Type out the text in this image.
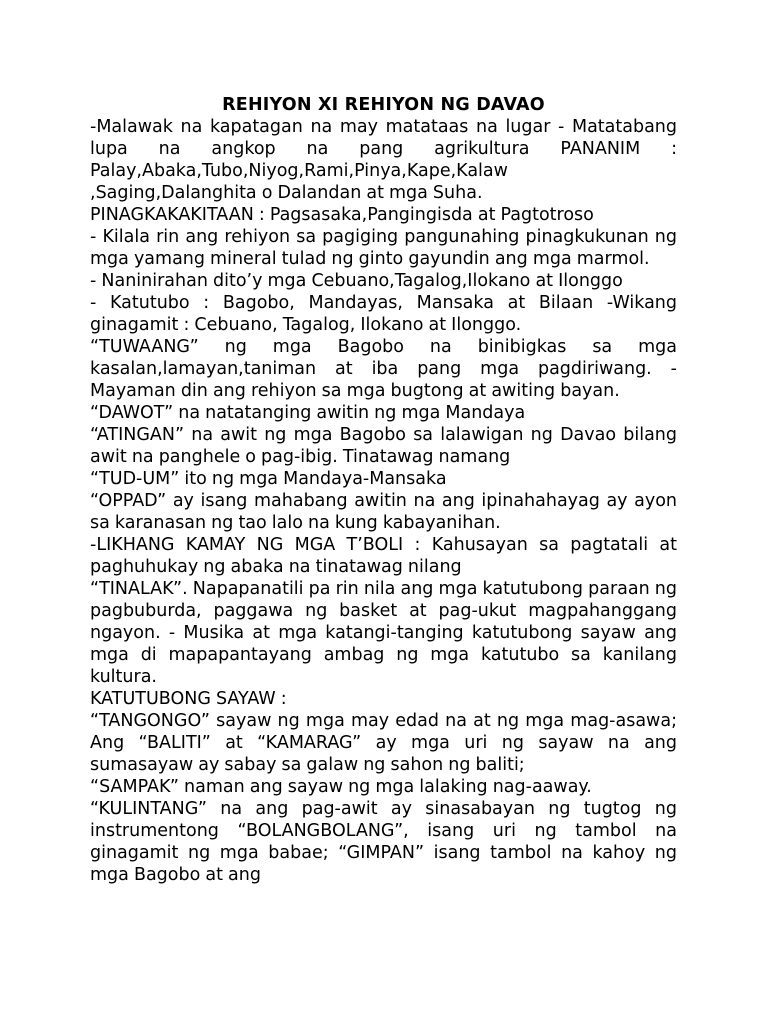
REHIYON XI REHIYON NG DAVAO

-Malawak na kapatagan na may matataas na lugar - Matatabang lupa na angkop na pang agrikultura PANANIM : Palay,Abaka,Tubo,Niyog,Rami,Pinya,Kape,Kalaw ,Saging,Dalanghita o Dalandan at mga Suha.

PINAGKAKAKITAAN : Pagsasaka,Pangingisda at Pagtotroso

- Kilala rin ang rehiyon sa pagiging pangunahing pinagkukunan ng mga yamang mineral tulad ng ginto gayundin ang mga marmol.

- Naninirahan dito’y mga Cebuano,Tagalog,Ilokano at Ilonggo

- Katutubo : Bagobo, Mandayas, Mansaka at Bilaan -Wikang ginagamit : Cebuano, Tagalog, Ilokano at Ilonggo.

“TUWAANG” ng mga Bagobo na binibigkas sa mga kasalan,lamayan,taniman at iba pang mga pagdiriwang. - Mayaman din ang rehiyon sa mga bugtong at awiting bayan.

“DAWOT” na natatanging awitin ng mga Mandaya

“ATINGAN” na awit ng mga Bagobo sa lalawigan ng Davao bilang awit na panghele o pag-ibig. Tinatawag namang

“TUD-UM” ito ng mga Mandaya-Mansaka

“OPPAD” ay isang mahabang awitin na ang ipinahahayag ay ayon sa karanasan ng tao lalo na kung kabayanihan.

-LIKHANG KAMAY NG MGA T’BOLI : Kahusayan sa pagtatali at paghuhukay ng abaka na tinatawag nilang

“TINALAK”. Napapanatili pa rin nila ang mga katutubong paraan ng pagbuburda, paggawa ng basket at pag-ukut magpahanggang ngayon. - Musika at mga katangi-tanging katutubong sayaw ang mga di mapapantayang ambag ng mga katutubo sa kanilang kultura.

KATUTUBONG SAYAW :

“TANGONGO” sayaw ng mga may edad na at ng mga mag-asawa; Ang “BALITI” at “KAMARAG” ay mga uri ng sayaw na ang sumasayaw ay sabay sa galaw ng sahon ng baliti;

“SAMPAK” naman ang sayaw ng mga lalaking nag-aaway.

“KULINTANG” na ang pag-awit ay sinasabayan ng tugtog ng instrumentong “BOLANGBOLANG”, isang uri ng tambol na ginagamit ng mga babae; “GIMPAN” isang tambol na kahoy ng mga Bagobo at ang
